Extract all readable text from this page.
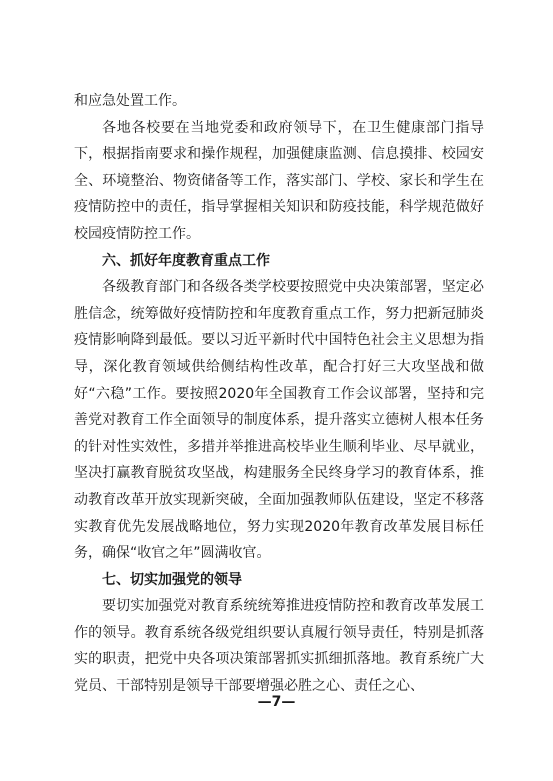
和应急处置工作。

各地各校要在当地党委和政府领导下，在卫生健康部门指导下，根据指南要求和操作规程，加强健康监测、信息摸排、校园安全、环境整治、物资储备等工作，落实部门、学校、家长和学生在疫情防控中的责任，指导掌握相关知识和防疫技能，科学规范做好校园疫情防控工作。

六、抓好年度教育重点工作

各级教育部门和各级各类学校要按照党中央决策部署，坚定必胜信念，统筹做好疫情防控和年度教育重点工作，努力把新冠肺炎疫情影响降到最低。要以习近平新时代中国特色社会主义思想为指导，深化教育领域供给侧结构性改革，配合打好三大攻坚战和做好“六稳”工作。要按照2020年全国教育工作会议部署，坚持和完善党对教育工作全面领导的制度体系，提升落实立德树人根本任务的针对性实效性，多措并举推进高校毕业生顺利毕业、尽早就业，坚决打赢教育脱贫攻坚战，构建服务全民终身学习的教育体系，推动教育改革开放实现新突破，全面加强教师队伍建设，坚定不移落实教育优先发展战略地位，努力实现2020年教育改革发展目标任务，确保“收官之年”圆满收官。

七、切实加强党的领导

要切实加强党对教育系统统筹推进疫情防控和教育改革发展工作的领导。教育系统各级党组织要认真履行领导责任，特别是抓落实的职责，把党中央各项决策部署抓实抓细抓落地。教育系统广大党员、干部特别是领导干部要增强必胜之心、责任之心、

—7—
